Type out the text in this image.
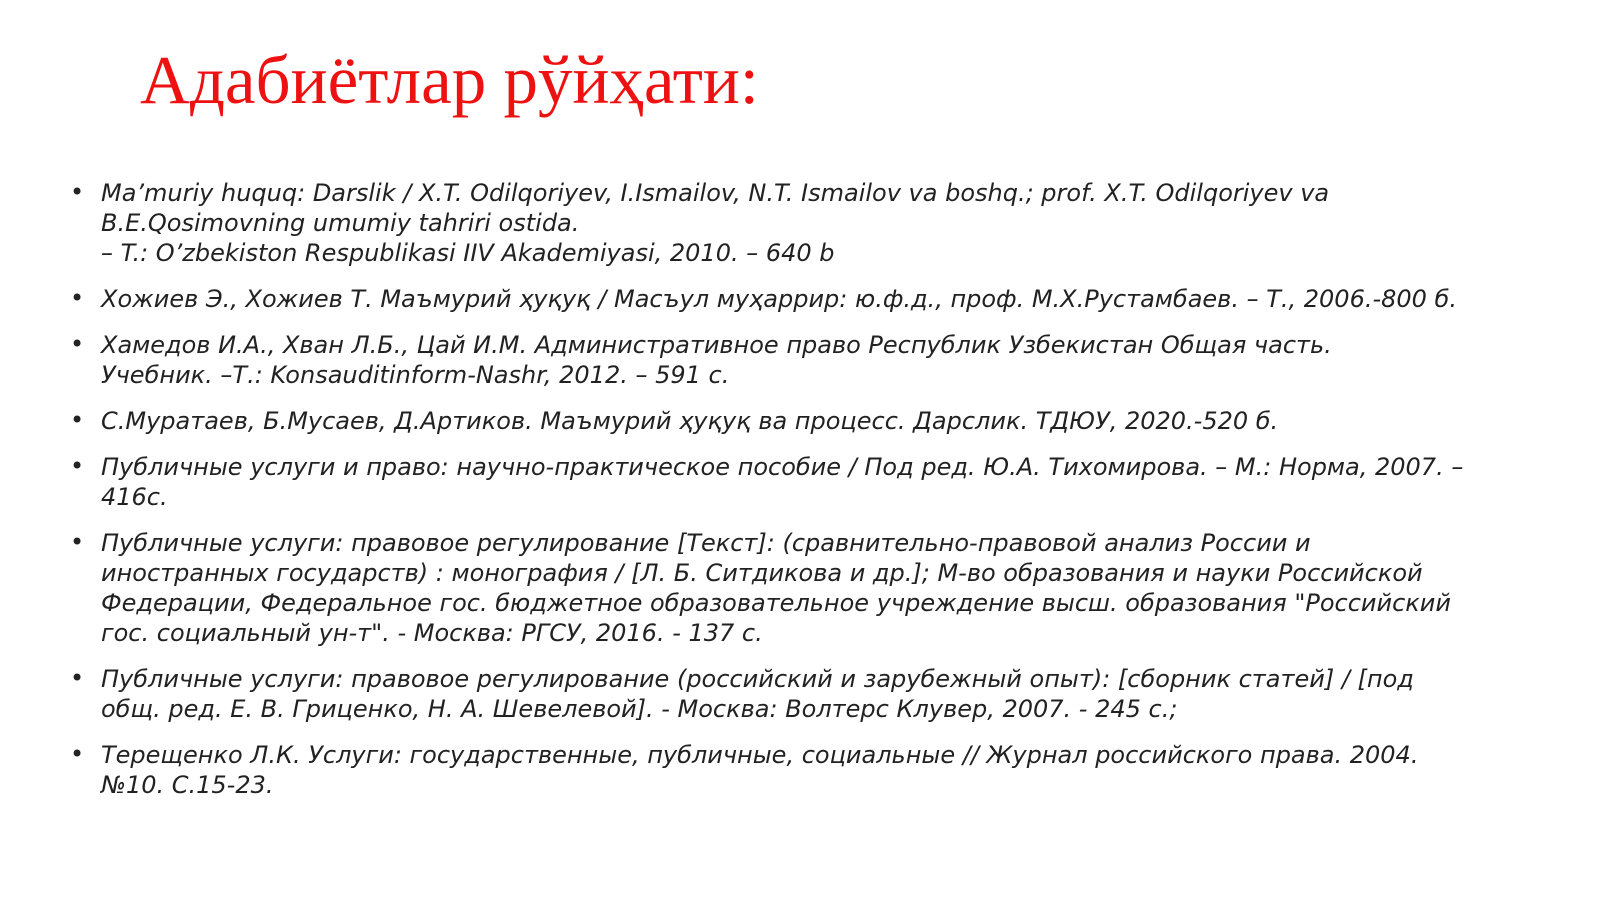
Адабиётлар рўйҳати:
• Ma’muriy huquq: Darslik / X.T. Odilqoriyev, I.Ismailov, N.T. Ismailov va boshq.; prof. X.T. Odilqoriyev va
B.E.Qosimovning umumiy tahriri ostida.
– T.: O’zbekiston Respublikasi IIV Akademiyasi, 2010. – 640 b
• Хожиев Э., Хожиев Т. Маъмурий ҳуқуқ / Масъул муҳаррир: ю.ф.д., проф. М.Х.Рустамбаев. – Т., 2006.-800 б.
• Хамедов И.А., Хван Л.Б., Цай И.М. Административное право Республик Узбекистан Общая часть.
Учебник. –Т.: Konsauditinform-Nashr, 2012. – 591 с.
• С.Муратаев, Б.Мусаев, Д.Артиков. Маъмурий ҳуқуқ ва процесс. Дарслик. ТДЮУ, 2020.-520 б.
• Публичные услуги и право: научно-практическое пособие / Под ред. Ю.А. Тихомирова. – М.: Норма, 2007. –
416с.
• Публичные услуги: правовое регулирование [Текст]: (сравнительно-правовой анализ России и
иностранных государств) : монография / [Л. Б. Ситдикова и др.]; М-во образования и науки Российской
Федерации, Федеральное гос. бюджетное образовательное учреждение высш. образования "Российский
гос. социальный ун-т". - Москва: РГСУ, 2016. - 137 с.
• Публичные услуги: правовое регулирование (российский и зарубежный опыт): [сборник статей] / [под
общ. ред. Е. В. Гриценко, Н. А. Шевелевой]. - Москва: Волтерс Клувер, 2007. - 245 с.;
• Терещенко Л.К. Услуги: государственные, публичные, социальные // Журнал российского права. 2004.
№10. С.15-23.
